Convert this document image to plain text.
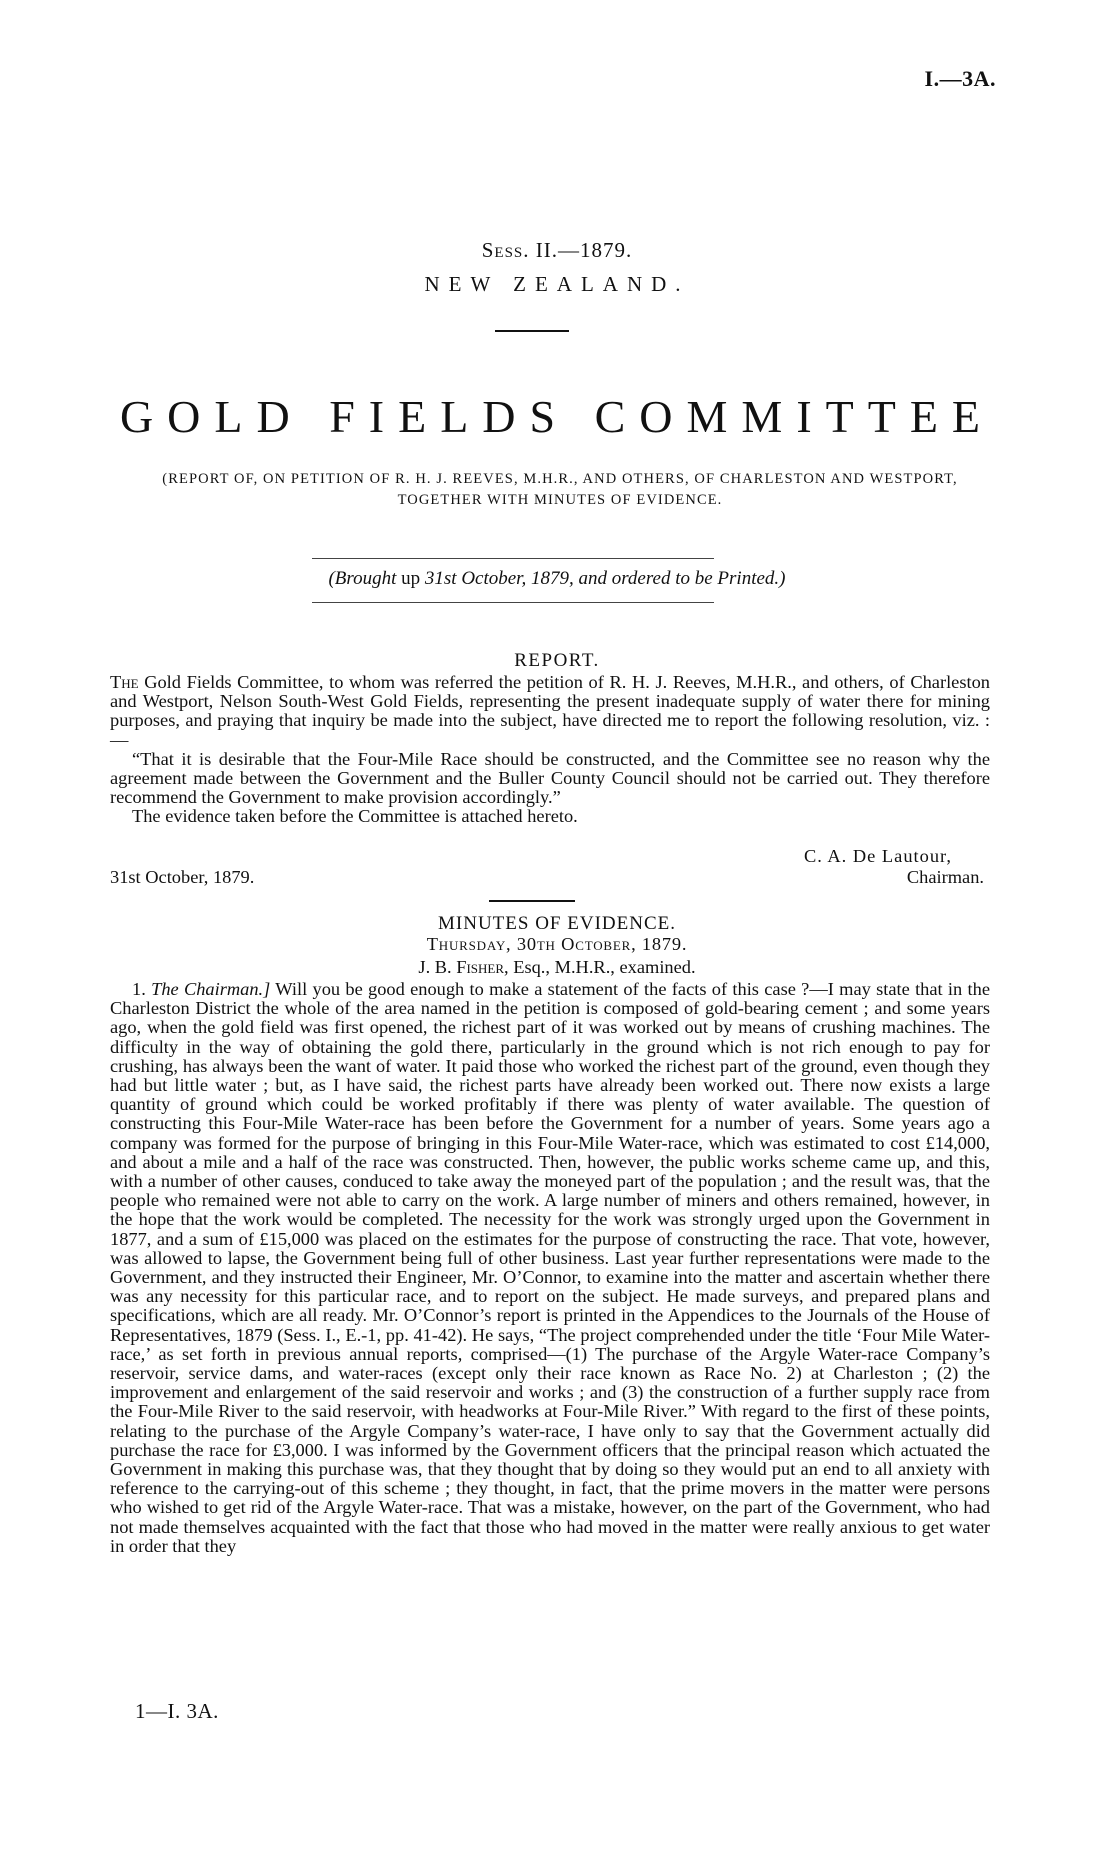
I.—3A.
Sess. II.—1879.
NEW ZEALAND.
GOLD FIELDS COMMITTEE
(REPORT OF, ON PETITION OF R. H. J. REEVES, M.H.R., AND OTHERS, OF CHARLESTON AND WESTPORT, TOGETHER WITH MINUTES OF EVIDENCE.
(Brought up 31st October, 1879, and ordered to be Printed.)
REPORT.

The Gold Fields Committee, to whom was referred the petition of R. H. J. Reeves, M.H.R., and others, of Charleston and Westport, Nelson South-West Gold Fields, representing the present inadequate supply of water there for mining purposes, and praying that inquiry be made into the subject, have directed me to report the following resolution, viz. :—

“That it is desirable that the Four-Mile Race should be constructed, and the Committee see no reason why the agreement made between the Government and the Buller County Council should not be carried out. They therefore recommend the Government to make provision accordingly.”

The evidence taken before the Committee is attached hereto.

C. A. De Lautour,
31st October, 1879.	Chairman.
MINUTES OF EVIDENCE.
Thursday, 30th October, 1879.
J. B. Fisher, Esq., M.H.R., examined.

1. The Chairman.] Will you be good enough to make a statement of the facts of this case ?—I may state that in the Charleston District the whole of the area named in the petition is composed of gold-bearing cement ; and some years ago, when the gold field was first opened, the richest part of it was worked out by means of crushing machines. The difficulty in the way of obtaining the gold there, particularly in the ground which is not rich enough to pay for crushing, has always been the want of water. It paid those who worked the richest part of the ground, even though they had but little water ; but, as I have said, the richest parts have already been worked out. There now exists a large quantity of ground which could be worked profitably if there was plenty of water available. The question of constructing this Four-Mile Water-race has been before the Government for a number of years. Some years ago a company was formed for the purpose of bringing in this Four-Mile Water-race, which was estimated to cost £14,000, and about a mile and a half of the race was constructed. Then, however, the public works scheme came up, and this, with a number of other causes, conduced to take away the moneyed part of the population ; and the result was, that the people who remained were not able to carry on the work. A large number of miners and others remained, however, in the hope that the work would be completed. The necessity for the work was strongly urged upon the Government in 1877, and a sum of £15,000 was placed on the estimates for the purpose of constructing the race. That vote, however, was allowed to lapse, the Government being full of other business. Last year further representations were made to the Government, and they instructed their Engineer, Mr. O’Connor, to examine into the matter and ascertain whether there was any necessity for this particular race, and to report on the subject. He made surveys, and prepared plans and specifications, which are all ready. Mr. O’Connor’s report is printed in the Appendices to the Journals of the House of Representatives, 1879 (Sess. I., E.-1, pp. 41-42). He says, “The project comprehended under the title ‘Four Mile Water-race,’ as set forth in previous annual reports, comprised—(1) The purchase of the Argyle Water-race Company’s reservoir, service dams, and water-races (except only their race known as Race No. 2) at Charleston ; (2) the improvement and enlargement of the said reservoir and works ; and (3) the construction of a further supply race from the Four-Mile River to the said reservoir, with headworks at Four-Mile River.” With regard to the first of these points, relating to the purchase of the Argyle Company’s water-race, I have only to say that the Government actually did purchase the race for £3,000. I was informed by the Government officers that the principal reason which actuated the Government in making this purchase was, that they thought that by doing so they would put an end to all anxiety with reference to the carrying-out of this scheme ; they thought, in fact, that the prime movers in the matter were persons who wished to get rid of the Argyle Water-race. That was a mistake, however, on the part of the Government, who had not made themselves acquainted with the fact that those who had moved in the matter were really anxious to get water in order that they

1—I. 3A.
